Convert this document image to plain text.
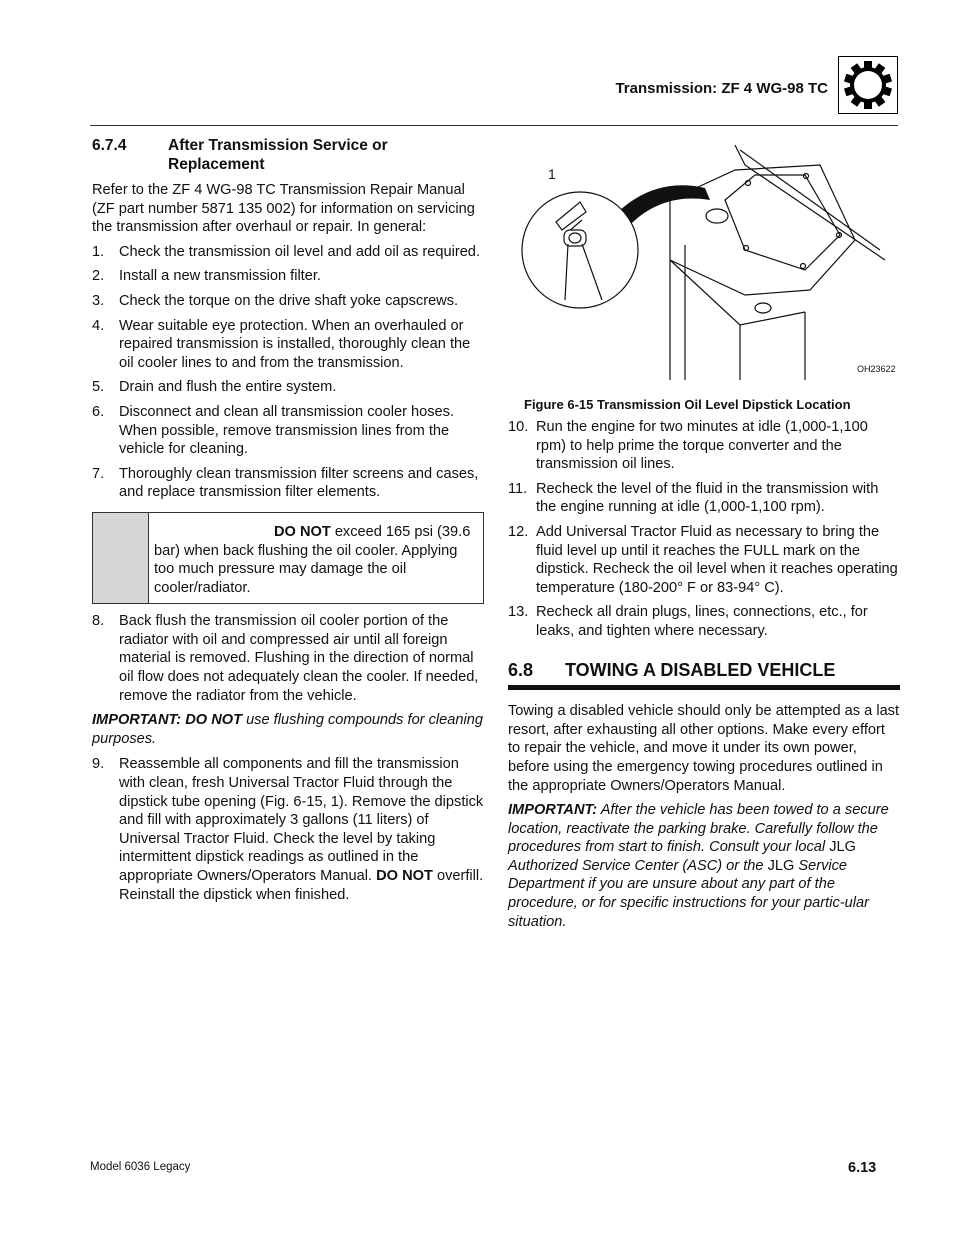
Transmission: ZF 4 WG-98 TC
6.7.4	After Transmission Service or Replacement

Refer to the ZF 4 WG-98 TC Transmission Repair Manual (ZF part number 5871 135 002) for information on servicing the transmission after overhaul or repair. In general:

1.	Check the transmission oil level and add oil as required.
2.	Install a new transmission filter.
3.	Check the torque on the drive shaft yoke capscrews.
4.	Wear suitable eye protection. When an overhauled or repaired transmission is installed, thoroughly clean the oil cooler lines to and from the transmission.
5.	Drain and flush the entire system.
6.	Disconnect and clean all transmission cooler hoses. When possible, remove transmission lines from the vehicle for cleaning.
7.	Thoroughly clean transmission filter screens and cases, and replace transmission filter elements.

DO NOT exceed 165 psi (39.6 bar) when back flushing the oil cooler. Applying too much pressure may damage the oil cooler/radiator.

8.	Back flush the transmission oil cooler portion of the radiator with oil and compressed air until all foreign material is removed. Flushing in the direction of normal oil flow does not adequately clean the cooler. If needed, remove the radiator from the vehicle.

IMPORTANT: DO NOT use flushing compounds for cleaning purposes.

9.	Reassemble all components and fill the transmission with clean, fresh Universal Tractor Fluid through the dipstick tube opening (Fig. 6-15, 1). Remove the dipstick and fill with approximately 3 gallons (11 liters) of Universal Tractor Fluid. Check the level by taking intermittent dipstick readings as outlined in the appropriate Owners/Operators Manual. DO NOT overfill. Reinstall the dipstick when finished.
1
OH23622
Figure 6-15 Transmission Oil Level Dipstick Location
10. Run the engine for two minutes at idle (1,000-1,100 rpm) to help prime the torque converter and the transmission oil lines.
11. Recheck the level of the fluid in the transmission with the engine running at idle (1,000-1,100 rpm).
12. Add Universal Tractor Fluid as necessary to bring the fluid level up until it reaches the FULL mark on the dipstick. Recheck the oil level when it reaches operating temperature (180-200° F or 83-94° C).
13. Recheck all drain plugs, lines, connections, etc., for leaks, and tighten where necessary.
6.8	TOWING A DISABLED VEHICLE

Towing a disabled vehicle should only be attempted as a last resort, after exhausting all other options. Make every effort to repair the vehicle, and move it under its own power, before using the emergency towing procedures outlined in the appropriate Owners/Operators Manual.

IMPORTANT: After the vehicle has been towed to a secure location, reactivate the parking brake. Carefully follow the procedures from start to finish. Consult your local JLG Authorized Service Center (ASC) or the JLG Service Department if you are unsure about any part of the procedure, or for specific instructions for your partic-ular situation.

Model 6036 Legacy	6.13
